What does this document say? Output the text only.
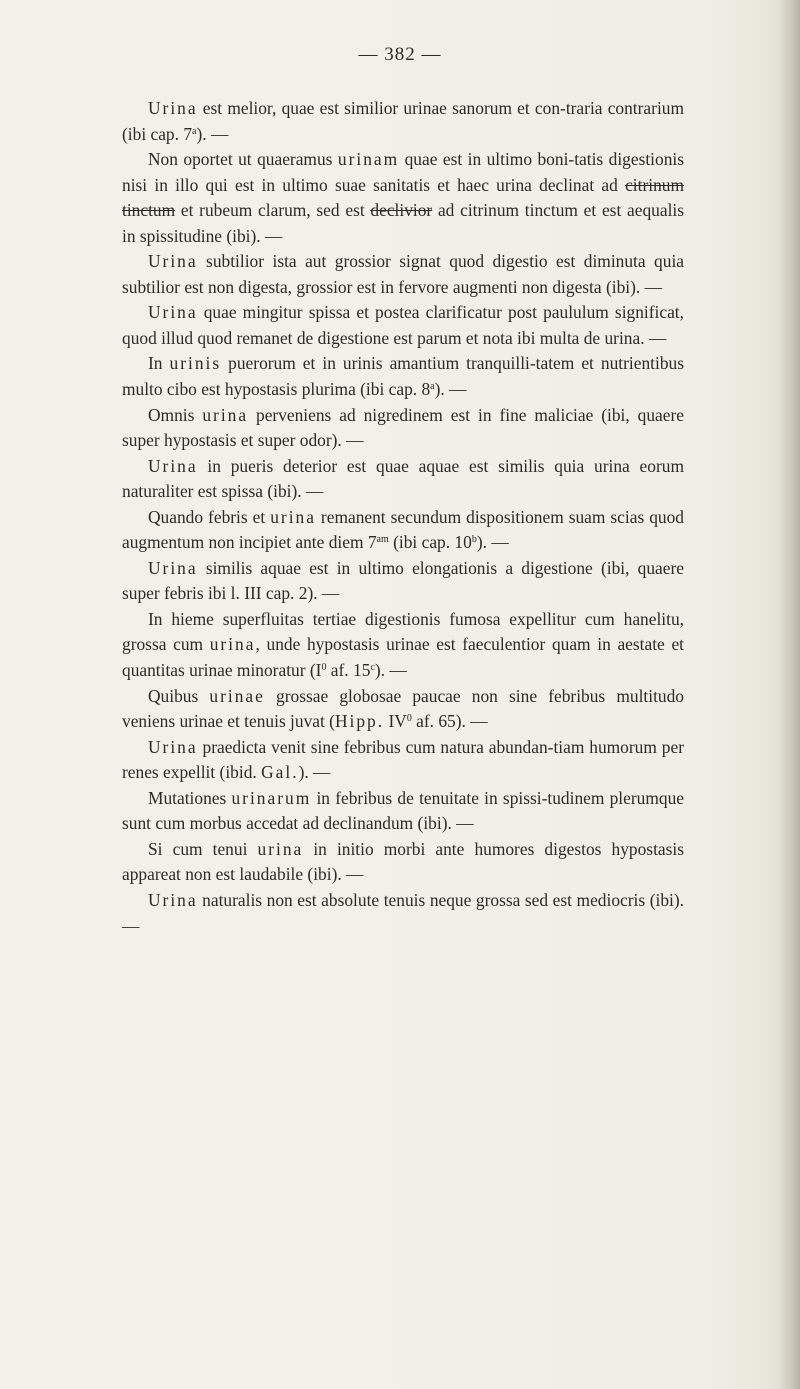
— 382 —

Urina est melior, quae est similior urinae sanorum et con-traria contrarium (ibi cap. 7$^a$). —

Non oportet ut quaeramus urinam quae est in ultimo boni-tatis digestionis nisi in illo qui est in ultimo suae sanitatis et haec urina declinat ad citrinum tinctum et rubeum clarum, sed est declivior ad citrinum tinctum et est aequalis in spissitudine (ibi). —

Urina subtilior ista aut grossior signat quod digestio est diminuta quia subtilior est non digesta, grossior est in fervore augmenti non digesta (ibi). —

Urina quae mingitur spissa et postea clarificatur post paululum significat, quod illud quod remanet de digestione est parum et nota ibi multa de urina. —

In urinis puerorum et in urinis amantium tranquilli-tatem et nutrientibus multo cibo est hypostasis plurima (ibi cap. 8$^a$). —

Omnis urina perveniens ad nigredinem est in fine maliciae (ibi, quaere super hypostasis et super odor). —

Urina in pueris deterior est quae aquae est similis quia urina eorum naturaliter est spissa (ibi). —

Quando febris et urina remanent secundum dispositionem suam scias quod augmentum non incipiet ante diem $7^{am}$ (ibi cap. 10$^b$). —

Urina similis aquae est in ultimo elongationis a digestione (ibi, quaere super febris ibi l. III cap. 2). —

In hieme superfluitas tertiae digestionis fumosa expellitur cum hanelitu, grossa cum urina, unde hypostasis urinae est faeculentior quam in aestate et quantitas urinae minoratur ($I^0$ af. 15$^c$). —

Quibus urinae grossae globosae paucae non sine febribus multitudo veniens urinae et tenuis juvat (Hipp. $IV^0$ af. 65). —

Urina praedicta venit sine febribus cum natura abundan-tiam humorum per renes expellit (ibid. Gal.). —

Mutationes urinarum in febribus de tenuitate in spissi-tudinem plerumque sunt cum morbus accedat ad declinandum (ibi). —

Si cum tenui urina in initio morbi ante humores digestos hypostasis appareat non est laudabile (ibi). —

Urina naturalis non est absolute tenuis neque grossa sed est mediocris (ibi). —
